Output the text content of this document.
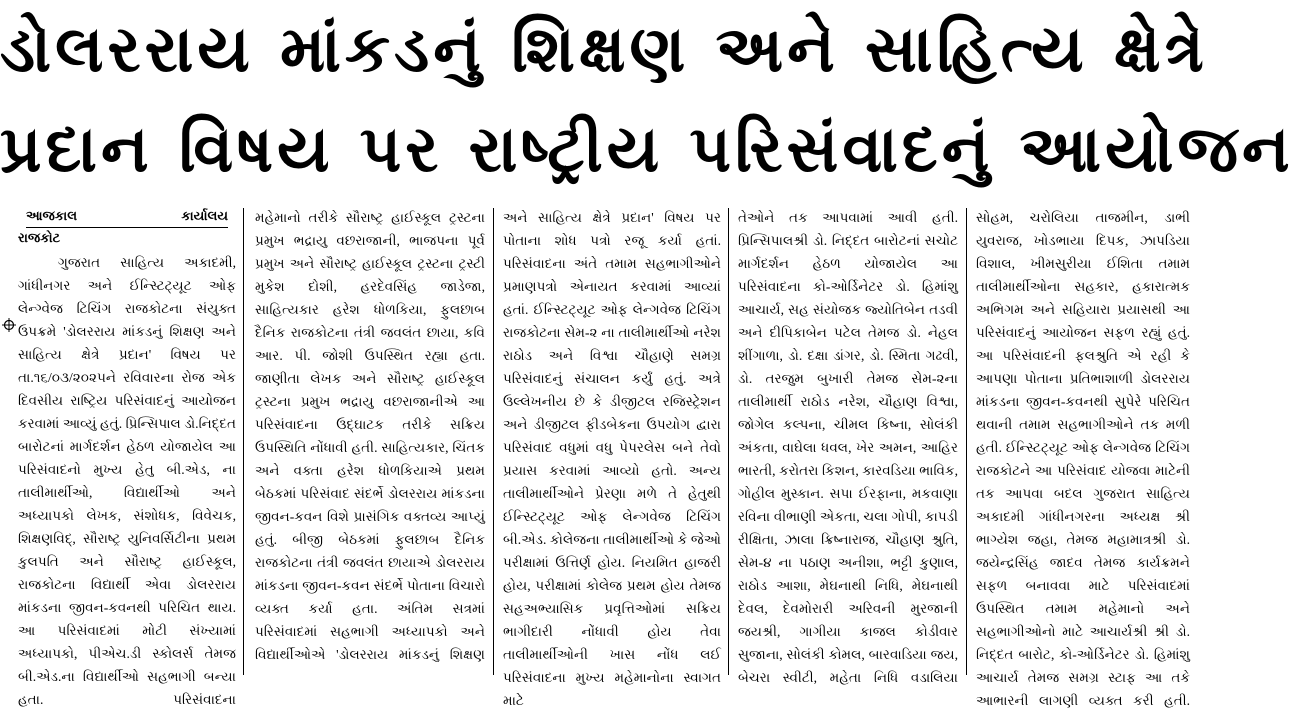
ડોલરરાય માંકડનું શિક્ષણ અને સાહિત્ય ક્ષેત્રે
પ્રદાન વિષય પર રાષ્ટ્રીય પરિસંવાદનું આયોજન
આજકાલ કાર્યાલય
રાજકોટ

ગુજરાત સાહિત્ય અકાદમી, ગાંધીનગર અને ઈન્સ્ટિટ્યૂટ ઓફ લેન્ગ્વેજ ટિચિંગ રાજકોટના સંયુક્ત ઉપક્રમે 'ડોલરરાય માંકડનું શિક્ષણ અને સાહિત્ય ક્ષેત્રે પ્રદાન' વિષય પર તા.૧૬/૦૩/૨૦૨૫ને રવિવારના રોજ એક દિવસીય રાષ્ટ્રિય પરિસંવાદનું આયોજન કરવામાં આવ્યું હતું. પ્રિન્સિપાલ ડો.નિદ્દત બારોટનાં માર્ગદર્શન હેઠળ યોજાયેલ આ પરિસંવાદનો મુખ્ય હેતુ બી.એડ, ના તાલીમાર્થીઓ, વિદ્યાર્થીઓ અને અધ્યાપકો લેખક, સંશોધક, વિવેચક, શિક્ષણવિદ્, સૌરાષ્ટ્ર યુનિવર્સિટીના પ્રથમ કુલપતિ અને સૌરાષ્ટ્ર હાઈસ્કૂલ, રાજકોટના વિદ્યાર્થી એવા ડોલરરાય માંકડના જીવન-કવનથી પરિચિત થાય. આ પરિસંવાદમાં મોટી સંખ્યામાં અધ્યાપકો, પીએચ.ડી સ્કોલર્સ તેમજ બી.એડ.ના વિદ્યાર્થીઓ સહભાગી બન્યા હતા. પરિસંવાદના

મહેમાનો તરીકે સૌરાષ્ટ્ર હાઈસ્કૂલ ટ્રસ્ટના પ્રમુખ ભદ્રાયુ વછરાજાની, ભાજપના પૂર્વ પ્રમુખ અને સૌરાષ્ટ્ર હાઈસ્કૂલ ટ્રસ્ટના ટ્રસ્ટી મુકેશ દોશી, હરદેવસિંહ જાડેજા, સાહિત્યકાર હરેશ ધોળકિયા, ફુલછાબ દૈનિક રાજકોટના તંત્રી જવલંત છાયા, કવિ આર. પી. જોશી ઉપસ્થિત રહ્યા હતા. જાણીતા લેખક અને સૌરાષ્ટ્ર હાઈસ્કૂલ ટ્રસ્ટના પ્રમુખ ભદ્રાયુ વછરાજાનીએ આ પરિસંવાદના ઉદ્ઘાટક તરીકે સક્રિય ઉપસ્થિતિ નોંધાવી હતી. સાહિત્યકાર, ચિંતક અને વક્તા હરેશ ધોળકિયાએ પ્રથમ બેઠકમાં પરિસંવાદ સંદર્ભે ડોલરરાય માંકડના જીવન-કવન વિશે પ્રાસંગિક વક્તવ્ય આપ્યું હતું. બીજી બેઠકમાં ફુલછાબ દૈનિક રાજકોટના તંત્રી જવલંત છાયાએ ડોલરરાય માંકડના જીવન-કવન સંદર્ભે પોતાના વિચારો વ્યક્ત કર્યા હતા. અંતિમ સત્રમાં પરિસંવાદમાં સહભાગી અધ્યાપકો અને વિદ્યાર્થીઓએ 'ડોલરરાય માંકડનું શિક્ષણ

અને સાહિત્ય ક્ષેત્રે પ્રદાન' વિષય પર પોતાના શોધ પત્રો રજૂ કર્યા હતાં. પરિસંવાદના અંતે તમામ સહભાગીઓને પ્રમાણપત્રો એનાયત કરવામાં આવ્યાં હતાં. ઈન્સ્ટિટ્યૂટ ઓફ લેન્ગવેજ ટિચિંગ રાજકોટના સેમ-૨ ના તાલીમાર્થીઓ નરેશ રાઠોડ અને વિશ્વા ચૌહાણે સમગ્ર પરિસંવાદનું સંચાલન કર્યું હતું. અત્રે ઉલ્લેખનીય છે કે ડીજીટલ રજિસ્ટ્રેશન અને ડીજીટલ ફીડબેકના ઉપયોગ દ્વારા પરિસંવાદ વધુમાં વધુ પેપરલેસ બને તેવો પ્રયાસ કરવામાં આવ્યો હતો. અન્ય તાલીમાર્થીઓને પ્રેરણા મળે તે હેતુથી ઈન્સ્ટિટ્યૂટ ઓફ લેન્ગવેજ ટિચિંગ બી.એડ. કોલેજના તાલીમાર્થીઓ કે જેઓ પરીક્ષામાં ઉત્તિર્ણ હોય. નિયમિત હાજરી હોય, પરીક્ષામાં કોલેજ પ્રથમ હોય તેમજ સહઅભ્યાસિક પ્રવૃત્તિઓમાં સક્રિય ભાગીદારી નોંધાવી હોય તેવા તાલીમાર્થીઓની ખાસ નોંધ લઈ પરિસંવાદના મુખ્ય મહેમાનોના સ્વાગત માટે

તેઓને તક આપવામાં આવી હતી. પ્રિન્સિપાલશ્રી ડો. નિદ્દત બારોટનાં સચોટ માર્ગદર્શન હેઠળ યોજાયેલ આ પરિસંવાદના કો-ઓર્ડિનેટર ડો. હિમાંશુ આચાર્ય, સહ સંયોજક જ્યોતિબેન તડવી અને દીપિકાબેન પટેલ તેમજ ડો. નેહલ શીંગાળા, ડો. દક્ષા ડાંગર, ડો. સ્મિતા ગઢવી, ડો. તરજુમ બુખારી તેમજ સેમ-૨ના તાલીમાર્થી રાઠોડ નરેશ, ચૌહાણ વિશ્વા, જોગેલ કલ્પના, ચીમલ કિષ્ના, સોલંકી અંકતા, વાઘેલા ધવલ, ખેર અમન, આહિર ભારતી, કરોતરા કિશન, કારવડિયા ભાવિક, ગોહીલ મુસ્કાન. સપા ઈરફાના, મકવાણા રવિના વીભાણી એકતા, ચલા ગોપી, કાપડી રીક્ષિતા, ઝાલા ક્રિષ્નારાજ, ચૌહાણ શ્રુતિ, સેમ-૪ ના પઠાણ અનીશા, ભટ્ટી કુણાલ, રાઠોડ આશા, મેઘનાથી નિધિ, મેઘનાથી દેવલ, દેવમોરારી અરિવની મુરજાની જયશ્રી, ગાગીયા કાજલ કોડીવાર સુજાના, સોલંકી કોમલ, બારવાડિયા જય, બેચરા સ્વીટી, મહેતા નિધિ વડાલિયા

સોહમ, ચરોલિયા તાજમીન, ડાભી યુવરાજ, ખોડભાયા દિપક, ઝાપડિયા વિશાલ, ખીમસુરીયા ઈશિતા તમામ તાલીમાર્થીઓના સહકાર, હકારાત્મક અભિગમ અને સહિયારા પ્રયાસથી આ પરિસંવાદનું આયોજન સફળ રહ્યું હતું. આ પરિસંવાદની ફલશ્રુતિ એ રહી કે આપણા પોતાના પ્રતિભાશાળી ડોલરરાય માંકડના જીવન-કવનથી સુપેરે પરિચિત થવાની તમામ સહભાગીઓને તક મળી હતી. ઈન્સ્ટિટ્યૂટ ઓફ લેન્ગવેજ ટિચિંગ રાજકોટને આ પરિસંવાદ યોજવા માટેની તક આપવા બદલ ગુજરાત સાહિત્ય અકાદમી ગાંધીનગરના અધ્યક્ષ શ્રી ભાગ્યેશ જહા, તેમજ મહામાત્રશ્રી ડો. જયેન્દ્રસિંહ જાદવ તેમજ કાર્યક્રમને સફળ બનાવવા માટે પરિસંવાદમાં ઉપસ્થિત તમામ મહેમાનો અને સહભાગીઓનો માટે આચાર્યશ્રી શ્રી ડો. નિદ્દત બારોટ, કો-ઓર્ડિનેટર ડો. હિમાંશુ આચાર્ય તેમજ સમગ્ર સ્ટાફ આ તકે આભારની લાગણી વ્યક્ત કરી હતી.
